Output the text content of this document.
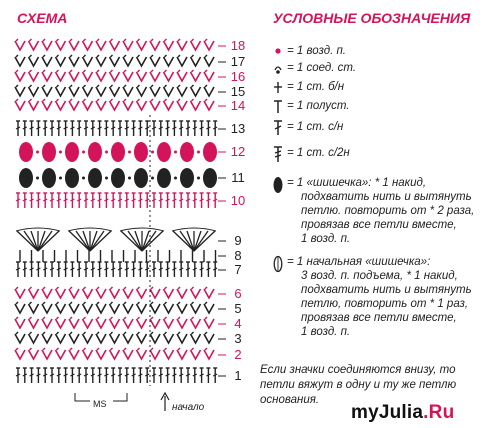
СХЕМА	УСЛОВНЫЕ ОБОЗНАЧЕНИЯ
18
17
16
15
14
13
12
11
10
9
8
7
6
5
4
3
2
1
= 1 возд. п.
= 1 соед. ст.
= 1 ст. б/н
= 1 полуст.
= 1 ст. с/н
= 1 ст. с/2н
= 1 «шишечка»: * 1 накид,
подхватить нить и вытянуть
петлю. повторить от * 2 раза,
провязав все петли вместе,
1 возд. п.
= 1 начальная «шишечка»:
3 возд. п. подъема, * 1 накид,
подхватить нить и вытянуть
петлю, повторить от * 1 раз,
провязав все петли вместе,
1 возд. п.
Если значки соединяются внизу, то петли вяжут в одну и ту же петлю основания.
MS	начало	myJulia.Ru
